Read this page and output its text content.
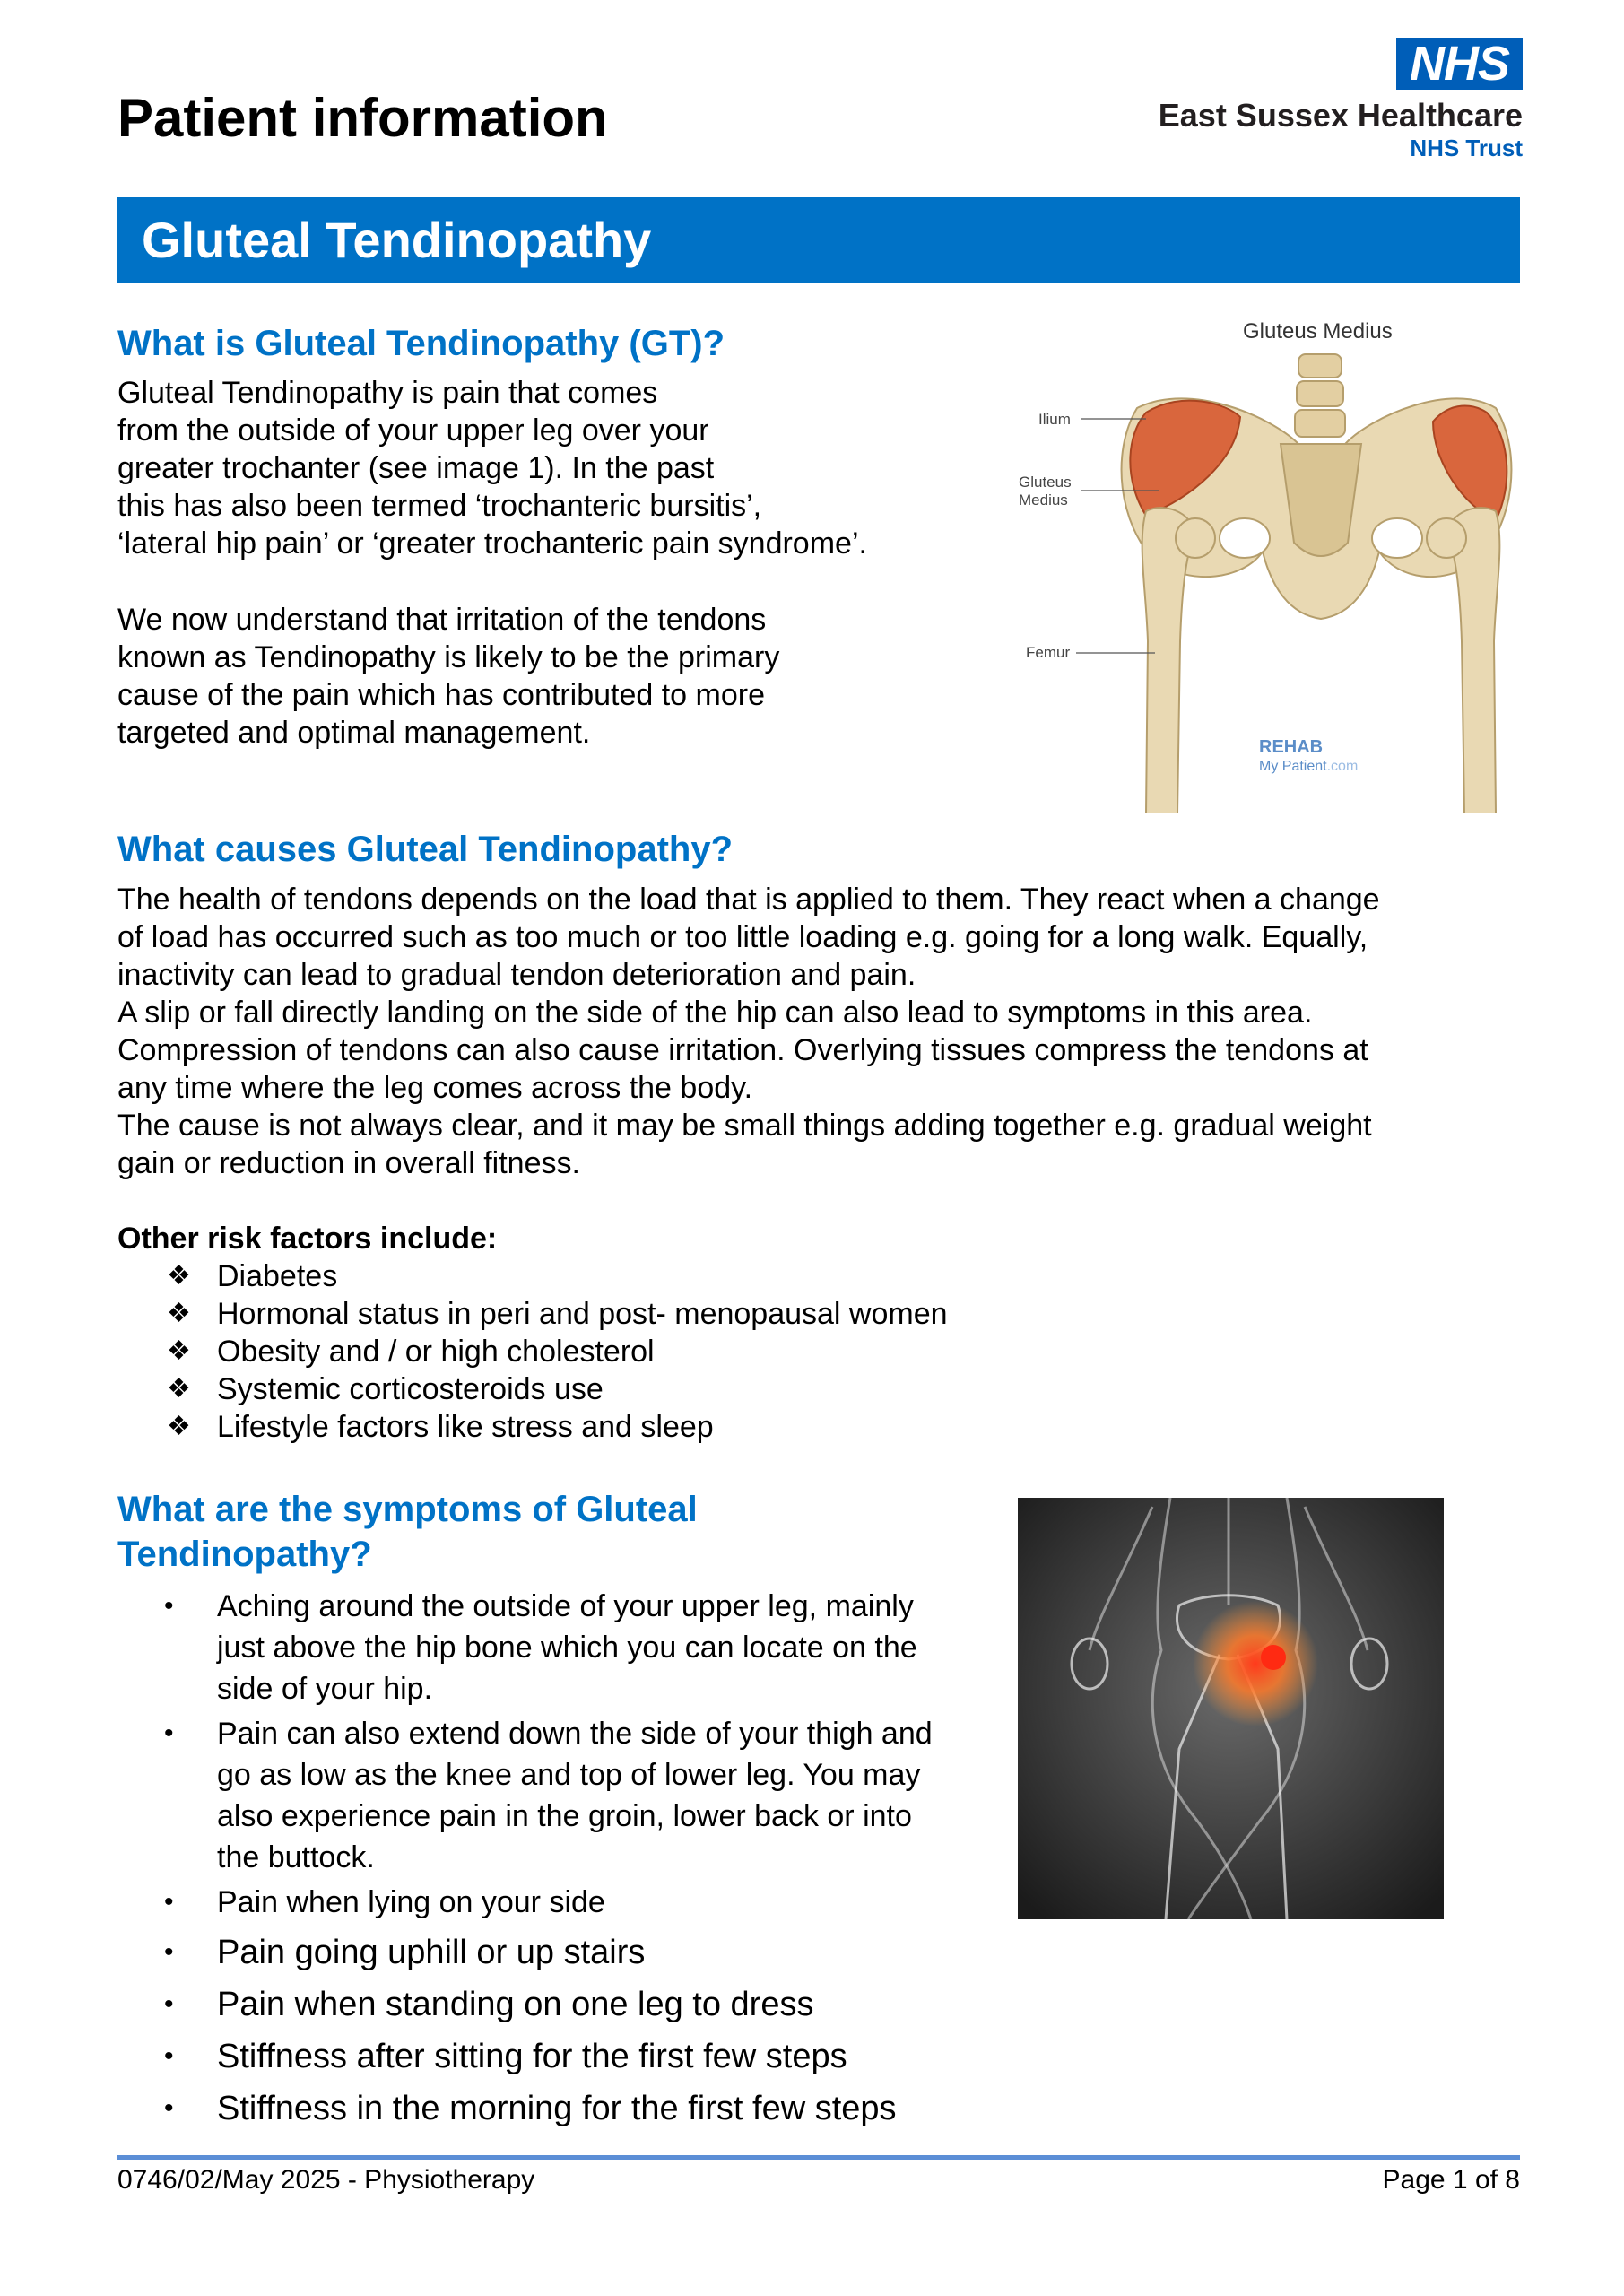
Patient information
NHS
East Sussex Healthcare
NHS Trust
Gluteal Tendinopathy
What is Gluteal Tendinopathy (GT)?
Gluteal Tendinopathy is pain that comes
from the outside of your upper leg over your
greater trochanter (see image 1). In the past
this has also been termed ‘trochanteric bursitis’,
‘lateral hip pain’ or ‘greater trochanteric pain syndrome’.
We now understand that irritation of the tendons
known as Tendinopathy is likely to be the primary
cause of the pain which has contributed to more
targeted and optimal management.
Gluteus Medius
Ilium
Gluteus
Medius
Femur
REHAB
My Patient.com
What causes Gluteal Tendinopathy?
The health of tendons depends on the load that is applied to them. They react when a change
of load has occurred such as too much or too little loading e.g. going for a long walk. Equally,
inactivity can lead to gradual tendon deterioration and pain.
A slip or fall directly landing on the side of the hip can also lead to symptoms in this area.
Compression of tendons can also cause irritation. Overlying tissues compress the tendons at
any time where the leg comes across the body.
The cause is not always clear, and it may be small things adding together e.g. gradual weight
gain or reduction in overall fitness.
Other risk factors include:
❖ Diabetes
❖ Hormonal status in peri and post- menopausal women
❖ Obesity and / or high cholesterol
❖ Systemic corticosteroids use
❖ Lifestyle factors like stress and sleep
What are the symptoms of Gluteal
Tendinopathy?
• Aching around the outside of your upper leg, mainly
just above the hip bone which you can locate on the
side of your hip.
• Pain can also extend down the side of your thigh and
go as low as the knee and top of lower leg. You may
also experience pain in the groin, lower back or into
the buttock.
• Pain when lying on your side
• Pain going uphill or up stairs
• Pain when standing on one leg to dress
• Stiffness after sitting for the first few steps
• Stiffness in the morning for the first few steps
0746/02/May 2025 - Physiotherapy	Page 1 of 8
